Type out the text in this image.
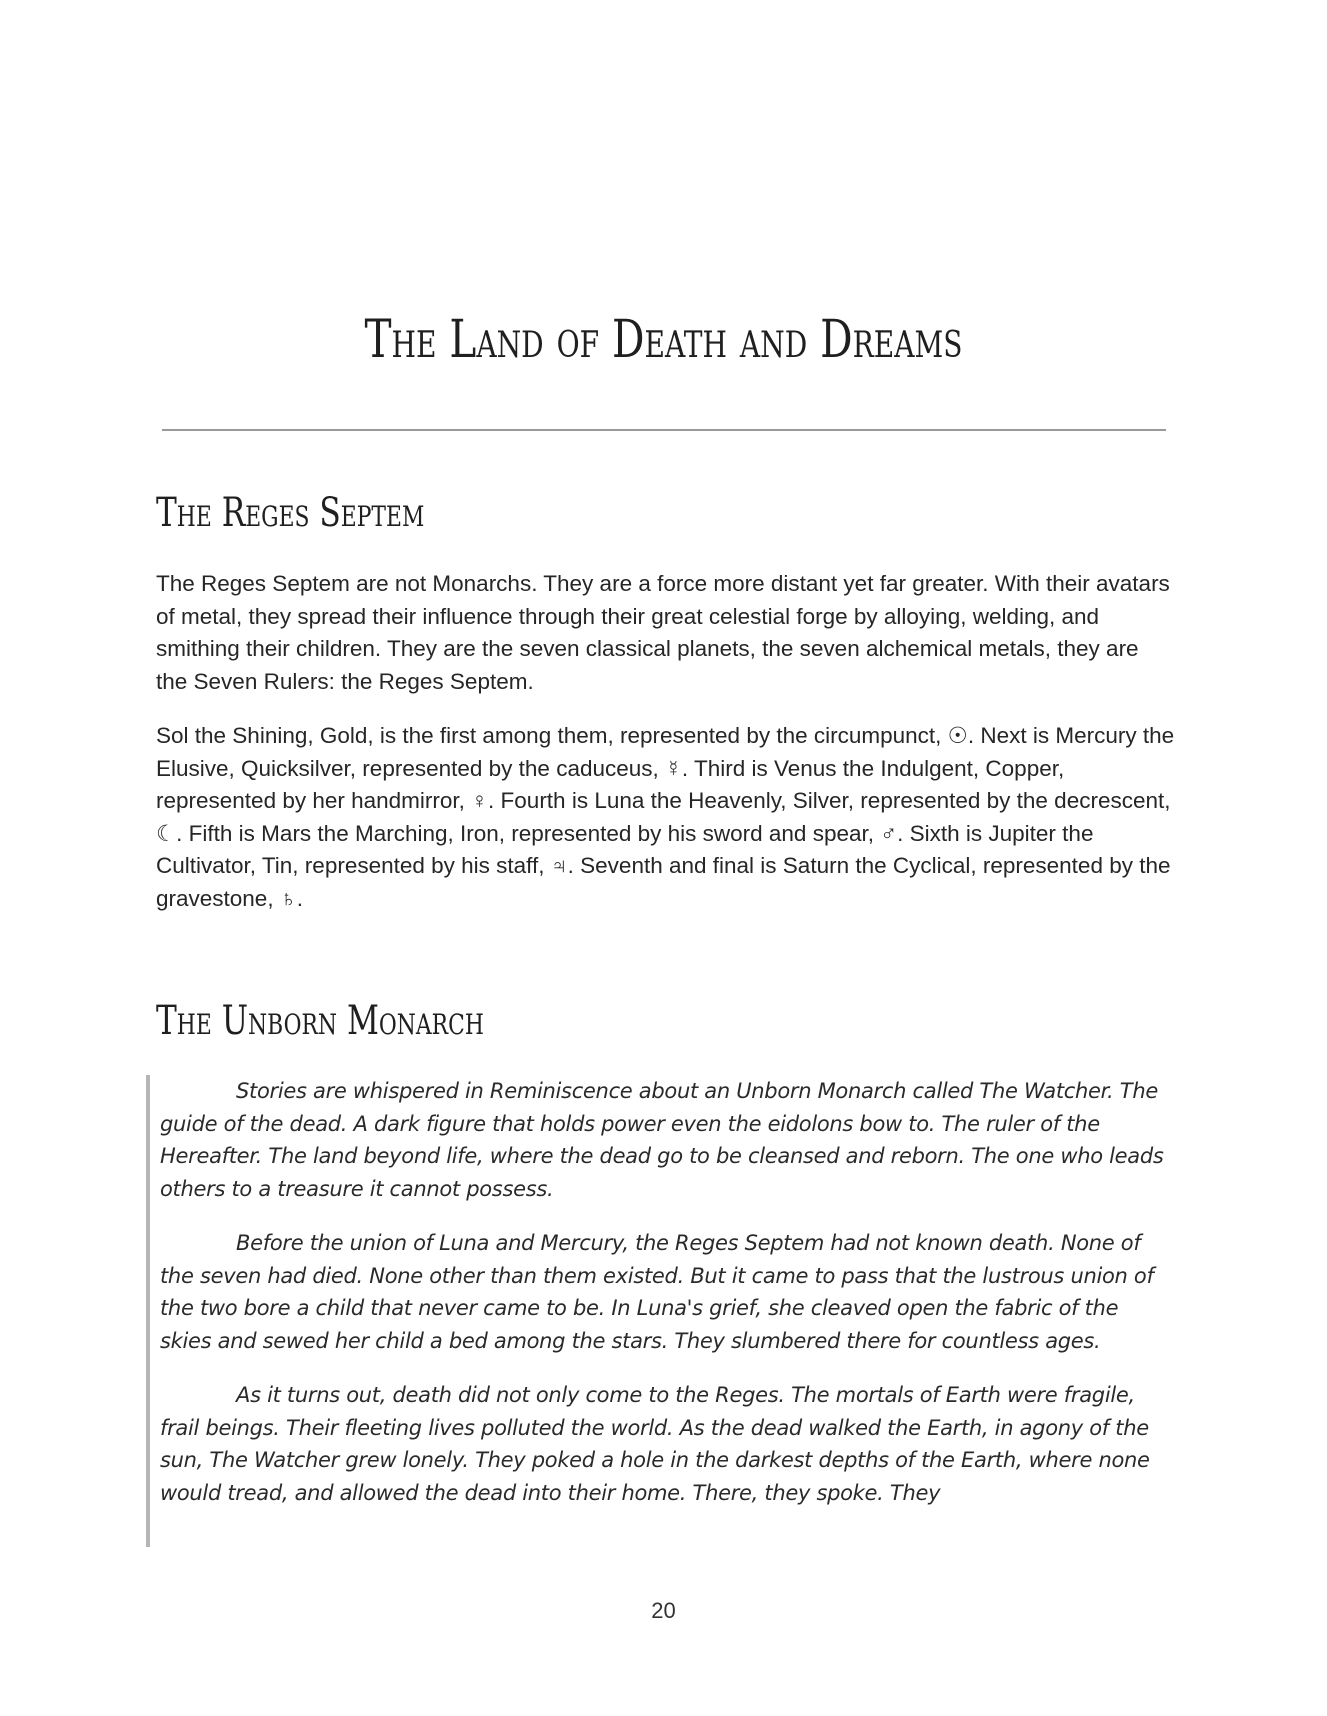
The Land of Death and Dreams
The Reges Septem

The Reges Septem are not Monarchs. They are a force more distant yet far greater. With their avatars of metal, they spread their influence through their great celestial forge by alloying, welding, and smithing their children. They are the seven classical planets, the seven alchemical metals, they are the Seven Rulers: the Reges Septem.

Sol the Shining, Gold, is the first among them, represented by the circumpunct, ☉. Next is Mercury the Elusive, Quicksilver, represented by the caduceus, ☿. Third is Venus the Indulgent, Copper, represented by her handmirror, ♀. Fourth is Luna the Heavenly, Silver, represented by the decrescent, ☾. Fifth is Mars the Marching, Iron, represented by his sword and spear, ♂. Sixth is Jupiter the Cultivator, Tin, represented by his staff, ♃. Seventh and final is Saturn the Cyclical, represented by the gravestone, ♄.

The Unborn Monarch

Stories are whispered in Reminiscence about an Unborn Monarch called The Watcher. The guide of the dead. A dark figure that holds power even the eidolons bow to. The ruler of the Hereafter. The land beyond life, where the dead go to be cleansed and reborn. The one who leads others to a treasure it cannot possess.

Before the union of Luna and Mercury, the Reges Septem had not known death. None of the seven had died. None other than them existed. But it came to pass that the lustrous union of the two bore a child that never came to be. In Luna's grief, she cleaved open the fabric of the skies and sewed her child a bed among the stars. They slumbered there for countless ages.

As it turns out, death did not only come to the Reges. The mortals of Earth were fragile, frail beings. Their fleeting lives polluted the world. As the dead walked the Earth, in agony of the sun, The Watcher grew lonely. They poked a hole in the darkest depths of the Earth, where none would tread, and allowed the dead into their home. There, they spoke. They

20
